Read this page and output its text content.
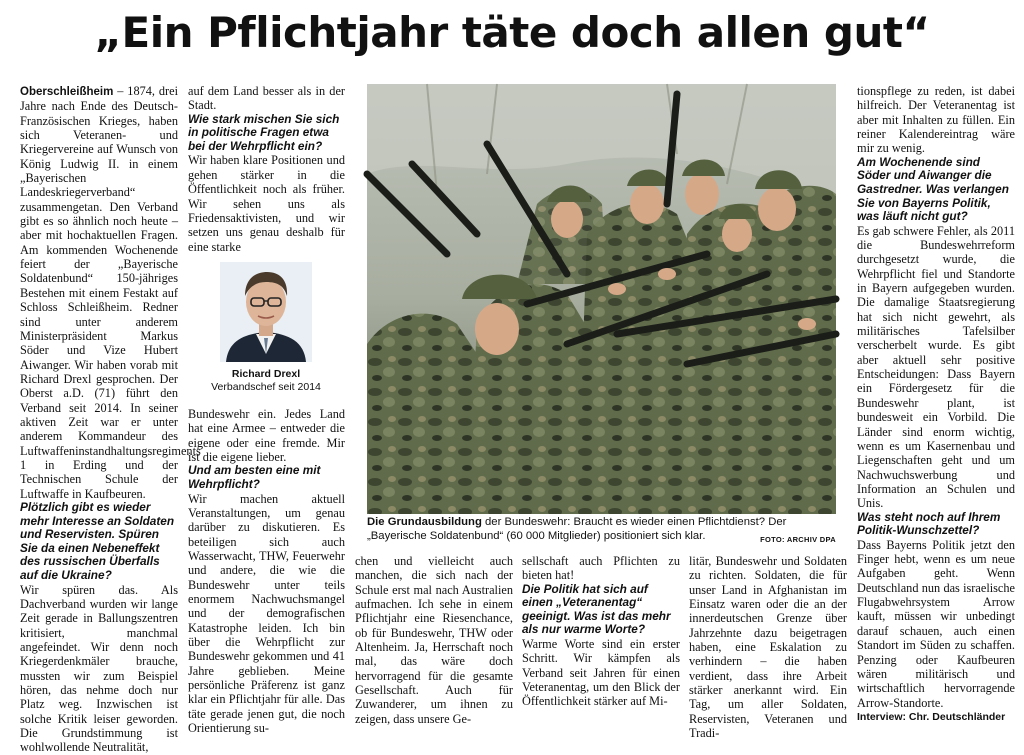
„Ein Pflichtjahr täte doch allen gut“

Oberschleißheim – 1874, drei Jahre nach Ende des Deutsch- Französischen Krieges, haben sich Veteranen- und Kriegervereine auf Wunsch von König Ludwig II. in einem „Bayerischen Landeskriegerverband“ zusammengetan. Den Verband gibt es so ähnlich noch heute – aber mit hochaktuellen Fragen. Am kommenden Wochenende feiert der „Bayerische Soldatenbund“ 150-jähriges Bestehen mit einem Festakt auf Schloss Schleißheim. Redner sind unter anderem Ministerpräsident Markus Söder und Vize Hubert Aiwanger. Wir haben vorab mit Richard Drexl gesprochen. Der Oberst a.D. (71) führt den Verband seit 2014. In seiner aktiven Zeit war er unter anderem Kommandeur des Luftwaffeninstandhaltungsregiments 1 in Erding und der Technischen Schule der Luftwaffe in Kaufbeuren.

Plötzlich gibt es wieder mehr Interesse an Soldaten und Reservisten. Spüren Sie da einen Nebeneffekt des russischen Überfalls auf die Ukraine?

Wir spüren das. Als Dachverband wurden wir lange Zeit gerade in Ballungszentren kritisiert, manchmal angefeindet. Wir denn noch Kriegerdenkmäler brauche, mussten wir zum Beispiel hören, das nehme doch nur Platz weg. Inzwischen ist solche Kritik leiser geworden. Die Grundstimmung ist wohlwollende Neutralität,

auf dem Land besser als in der Stadt.

Wie stark mischen Sie sich in politische Fragen etwa bei der Wehrpflicht ein?

Wir haben klare Positionen und gehen stärker in die Öffentlichkeit noch als früher. Wir sehen uns als Friedensaktivisten, und wir setzen uns genau deshalb für eine starke

Richard Drexl
Verbandschef seit 2014

Bundeswehr ein. Jedes Land hat eine Armee – entweder die eigene oder eine fremde. Mir ist die eigene lieber.

Und am besten eine mit Wehrpflicht?

Wir machen aktuell Veranstaltungen, um genau darüber zu diskutieren. Es beteiligen sich auch Wasserwacht, THW, Feuerwehr und andere, die wie die Bundeswehr unter teils enormem Nachwuchsmangel und der demografischen Katastrophe leiden. Ich bin über die Wehrpflicht zur Bundeswehr gekommen und 41 Jahre geblieben. Meine persönliche Präferenz ist ganz klar ein Pflichtjahr für alle. Das täte gerade jenen gut, die noch Orientierung su-

Die Grundausbildung der Bundeswehr: Braucht es wieder einen Pflichtdienst? Der „Bayerische Soldatenbund“ (60 000 Mitglieder) positioniert sich klar.	FOTO: ARCHIV DPA

chen und vielleicht auch manchen, die sich nach der Schule erst mal nach Australien aufmachen. Ich sehe in einem Pflichtjahr eine Riesenchance, ob für Bundeswehr, THW oder Altenheim. Ja, Herrschaft noch mal, das wäre doch hervorragend für die gesamte Gesellschaft. Auch für Zuwanderer, um ihnen zu zeigen, dass unsere Ge-

sellschaft auch Pflichten zu bieten hat!

Die Politik hat sich auf einen „Veteranentag“ geeinigt. Was ist das mehr als nur warme Worte?

Warme Worte sind ein erster Schritt. Wir kämpfen als Verband seit Jahren für einen Veteranentag, um den Blick der Öffentlichkeit stärker auf Mi-

litär, Bundeswehr und Soldaten zu richten. Soldaten, die für unser Land in Afghanistan im Einsatz waren oder die an der innerdeutschen Grenze über Jahrzehnte dazu beigetragen haben, eine Eskalation zu verhindern – die haben verdient, dass ihre Arbeit stärker anerkannt wird. Ein Tag, um aller Soldaten, Reservisten, Veteranen und Tradi-

tionspflege zu reden, ist dabei hilfreich. Der Veteranentag ist aber mit Inhalten zu füllen. Ein reiner Kalendereintrag wäre mir zu wenig.

Am Wochenende sind Söder und Aiwanger die Gastredner. Was verlangen Sie von Bayerns Politik, was läuft nicht gut?

Es gab schwere Fehler, als 2011 die Bundeswehrreform durchgesetzt wurde, die Wehrpflicht fiel und Standorte in Bayern aufgegeben wurden. Die damalige Staatsregierung hat sich nicht gewehrt, als militärisches Tafelsilber verscherbelt wurde. Es gibt aber aktuell sehr positive Entscheidungen: Dass Bayern ein Fördergesetz für die Bundeswehr plant, ist bundesweit ein Vorbild. Die Länder sind enorm wichtig, wenn es um Kasernenbau und Liegenschaften geht und um Nachwuchswerbung und Information an Schulen und Unis.

Was steht noch auf Ihrem Politik-Wunschzettel?

Dass Bayerns Politik jetzt den Finger hebt, wenn es um neue Aufgaben geht. Wenn Deutschland nun das israelische Flugabwehrsystem Arrow kauft, müssen wir unbedingt darauf schauen, auch einen Standort im Süden zu schaffen. Penzing oder Kaufbeuren wären militärisch und wirtschaftlich hervorragende Arrow-Standorte.

Interview: Chr. Deutschländer
